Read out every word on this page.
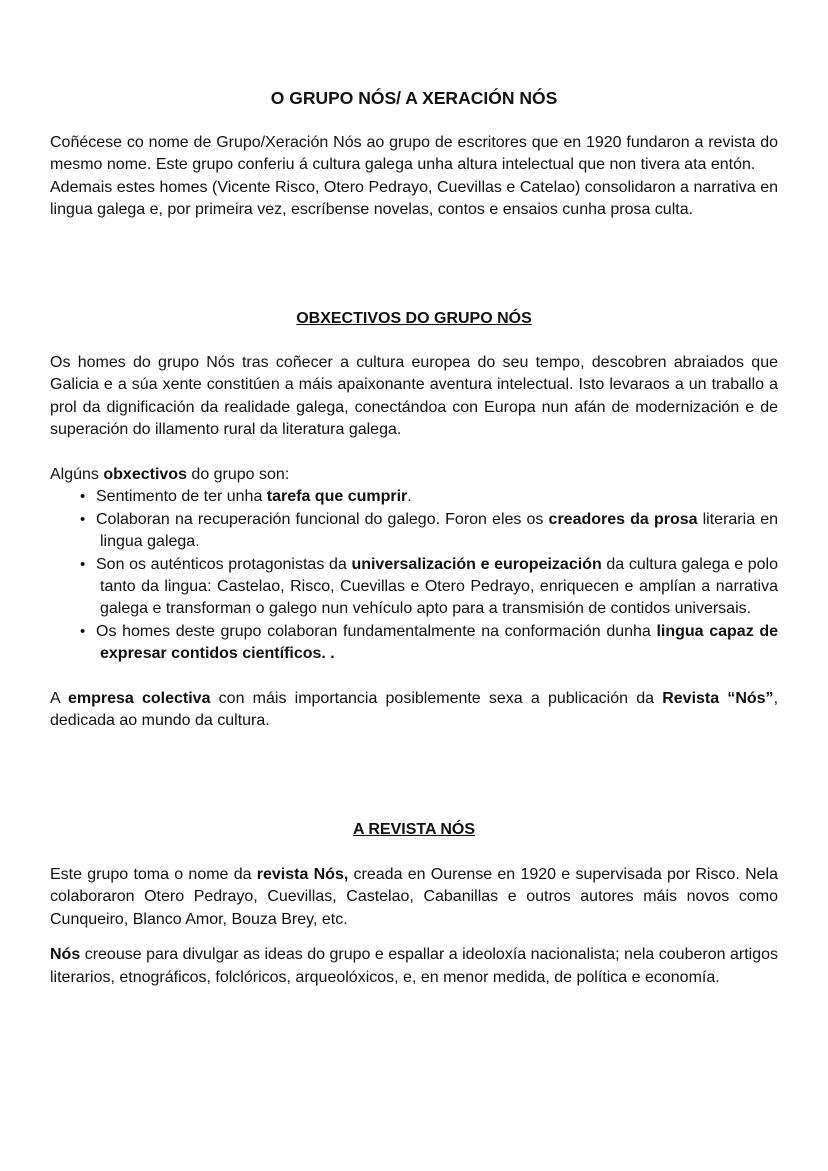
O GRUPO NÓS/ A XERACIÓN NÓS

Coñécese co nome de Grupo/Xeración Nós ao grupo de escritores que en 1920 fundaron a revista do mesmo nome. Este grupo conferiu á cultura galega unha altura intelectual que non tivera ata entón.

Ademais estes homes (Vicente Risco, Otero Pedrayo, Cuevillas e Catelao) consolidaron a narrativa en lingua galega e, por primeira vez, escríbense novelas, contos e ensaios cunha prosa culta.

OBXECTIVOS DO GRUPO NÓS

Os homes do grupo Nós tras coñecer a cultura europea do seu tempo, descobren abraiados que Galicia e a súa xente constitúen a máis apaixonante aventura intelectual. Isto levaraos a un traballo a prol da dignificación da realidade galega, conectándoa con Europa nun afán de modernización e de superación do illamento rural da literatura galega.

Algúns obxectivos do grupo son:

• Sentimento de ter unha tarefa que cumprir.
• Colaboran na recuperación funcional do galego. Foron eles os creadores da prosa literaria en lingua galega.
• Son os auténticos protagonistas da universalización e europeización da cultura galega e polo tanto da lingua: Castelao, Risco, Cuevillas e Otero Pedrayo, enriquecen e amplían a narrativa galega e transforman o galego nun vehículo apto para a transmisión de contidos universais.
• Os homes deste grupo colaboran fundamentalmente na conformación dunha lingua capaz de expresar contidos científicos. .

A empresa colectiva con máis importancia posiblemente sexa a publicación da Revista “Nós”, dedicada ao mundo da cultura.

A REVISTA NÓS

Este grupo toma o nome da revista Nós, creada en Ourense en 1920 e supervisada por Risco. Nela colaboraron Otero Pedrayo, Cuevillas, Castelao, Cabanillas e outros autores máis novos como Cunqueiro, Blanco Amor, Bouza Brey, etc.

Nós creouse para divulgar as ideas do grupo e espallar a ideoloxía nacionalista; nela couberon artigos literarios, etnográficos, folclóricos, arqueolóxicos, e, en menor medida, de política e economía.
